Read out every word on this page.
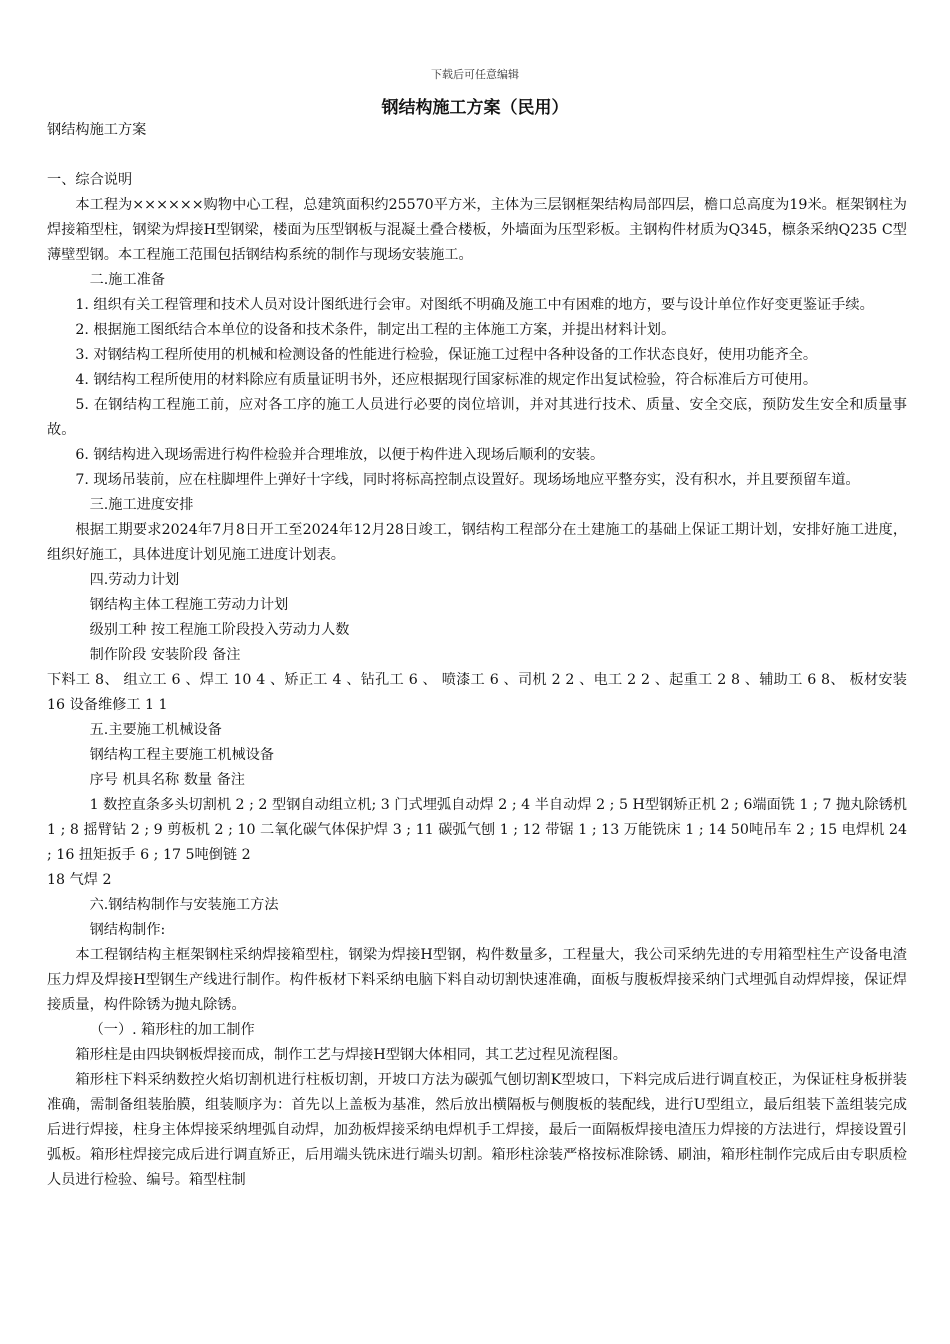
下载后可任意编辑
钢结构施工方案（民用）

钢结构施工方案

一、综合说明

本工程为××××××购物中心工程，总建筑面积约25570平方米，主体为三层钢框架结构局部四层，檐口总高度为19米。框架钢柱为焊接箱型柱，钢梁为焊接H型钢梁，楼面为压型钢板与混凝土叠合楼板，外墙面为压型彩板。主钢构件材质为Q345，檩条采纳Q235 C型薄壁型钢。本工程施工范围包括钢结构系统的制作与现场安装施工。

二.施工准备

1. 组织有关工程管理和技术人员对设计图纸进行会审。对图纸不明确及施工中有困难的地方，要与设计单位作好变更鉴证手续。

2. 根据施工图纸结合本单位的设备和技术条件，制定出工程的主体施工方案，并提出材料计划。

3. 对钢结构工程所使用的机械和检测设备的性能进行检验，保证施工过程中各种设备的工作状态良好，使用功能齐全。

4. 钢结构工程所使用的材料除应有质量证明书外，还应根据现行国家标准的规定作出复试检验，符合标准后方可使用。

5. 在钢结构工程施工前，应对各工序的施工人员进行必要的岗位培训，并对其进行技术、质量、安全交底，预防发生安全和质量事故。

6. 钢结构进入现场需进行构件检验并合理堆放，以便于构件进入现场后顺利的安装。

7. 现场吊装前，应在柱脚埋件上弹好十字线，同时将标高控制点设置好。现场场地应平整夯实，没有积水，并且要预留车道。

三.施工进度安排

根据工期要求2024年7月8日开工至2024年12月28日竣工，钢结构工程部分在土建施工的基础上保证工期计划，安排好施工进度，组织好施工，具体进度计划见施工进度计划表。

四.劳动力计划

钢结构主体工程施工劳动力计划

级别工种 按工程施工阶段投入劳动力人数

制作阶段 安装阶段 备注

下料工 8、 组立工 6 、焊工 10 4 、矫正工 4 、钻孔工 6 、 喷漆工 6 、司机 2 2 、电工 2 2 、起重工 2 8 、辅助工 6 8、 板材安装 16 设备维修工 1 1

五.主要施工机械设备

钢结构工程主要施工机械设备

序号 机具名称 数量 备注

1 数控直条多头切割机 2 ; 2 型钢自动组立机; 3 门式埋弧自动焊 2 ; 4 半自动焊 2 ; 5 H型钢矫正机 2 ; 6端面铣 1 ; 7 抛丸除锈机 1 ; 8 摇臂钻 2 ; 9 剪板机 2 ; 10 二氧化碳气体保护焊 3 ; 11 碳弧气刨 1 ; 12 带锯 1 ; 13 万能铣床 1 ; 14 50吨吊车 2 ; 15 电焊机 24 ; 16 扭矩扳手 6 ; 17 5吨倒链 2

18 气焊 2

六.钢结构制作与安装施工方法

钢结构制作:

本工程钢结构主框架钢柱采纳焊接箱型柱，钢梁为焊接H型钢，构件数量多，工程量大，我公司采纳先进的专用箱型柱生产设备电渣压力焊及焊接H型钢生产线进行制作。构件板材下料采纳电脑下料自动切割快速准确，面板与腹板焊接采纳门式埋弧自动焊焊接，保证焊接质量，构件除锈为抛丸除锈。

（一）. 箱形柱的加工制作

箱形柱是由四块钢板焊接而成，制作工艺与焊接H型钢大体相同，其工艺过程见流程图。

箱形柱下料采纳数控火焰切割机进行柱板切割，开坡口方法为碳弧气刨切割K型坡口，下料完成后进行调直校正，为保证柱身板拼装准确，需制备组装胎膜，组装顺序为：首先以上盖板为基准，然后放出横隔板与侧腹板的装配线，进行U型组立，最后组装下盖组装完成后进行焊接，柱身主体焊接采纳埋弧自动焊，加劲板焊接采纳电焊机手工焊接，最后一面隔板焊接电渣压力焊接的方法进行，焊接设置引弧板。箱形柱焊接完成后进行调直矫正，后用端头铣床进行端头切割。箱形柱涂装严格按标准除锈、刷油，箱形柱制作完成后由专职质检人员进行检验、编号。箱型柱制
